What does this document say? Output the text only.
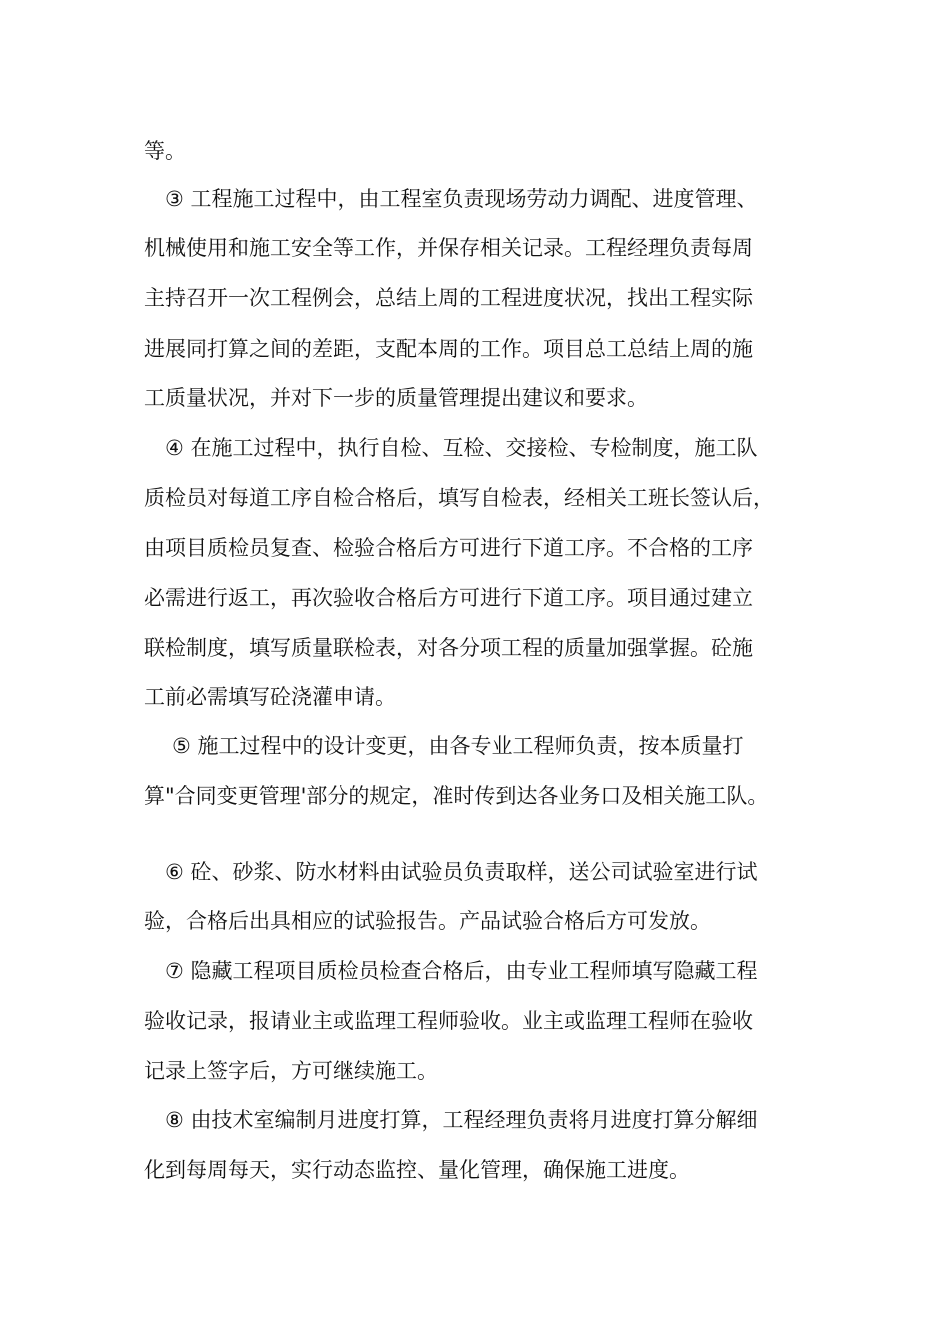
等。
③ 工程施工过程中，由工程室负责现场劳动力调配、进度管理、
机械使用和施工安全等工作，并保存相关记录。工程经理负责每周
主持召开一次工程例会，总结上周的工程进度状况，找出工程实际
进展同打算之间的差距，支配本周的工作。项目总工总结上周的施
工质量状况，并对下一步的质量管理提出建议和要求。
④ 在施工过程中，执行自检、互检、交接检、专检制度，施工队
质检员对每道工序自检合格后，填写自检表，经相关工班长签认后，
由项目质检员复查、检验合格后方可进行下道工序。不合格的工序
必需进行返工，再次验收合格后方可进行下道工序。项目通过建立
联检制度，填写质量联检表，对各分项工程的质量加强掌握。砼施
工前必需填写砼浇灌申请。
⑤ 施工过程中的设计变更，由各专业工程师负责，按本质量打
算"合同变更管理'部分的规定，准时传到达各业务口及相关施工队。
⑥ 砼、砂浆、防水材料由试验员负责取样，送公司试验室进行试
验，合格后出具相应的试验报告。产品试验合格后方可发放。
⑦ 隐藏工程项目质检员检查合格后，由专业工程师填写隐藏工程
验收记录，报请业主或监理工程师验收。业主或监理工程师在验收
记录上签字后，方可继续施工。
⑧ 由技术室编制月进度打算，工程经理负责将月进度打算分解细
化到每周每天，实行动态监控、量化管理，确保施工进度。
